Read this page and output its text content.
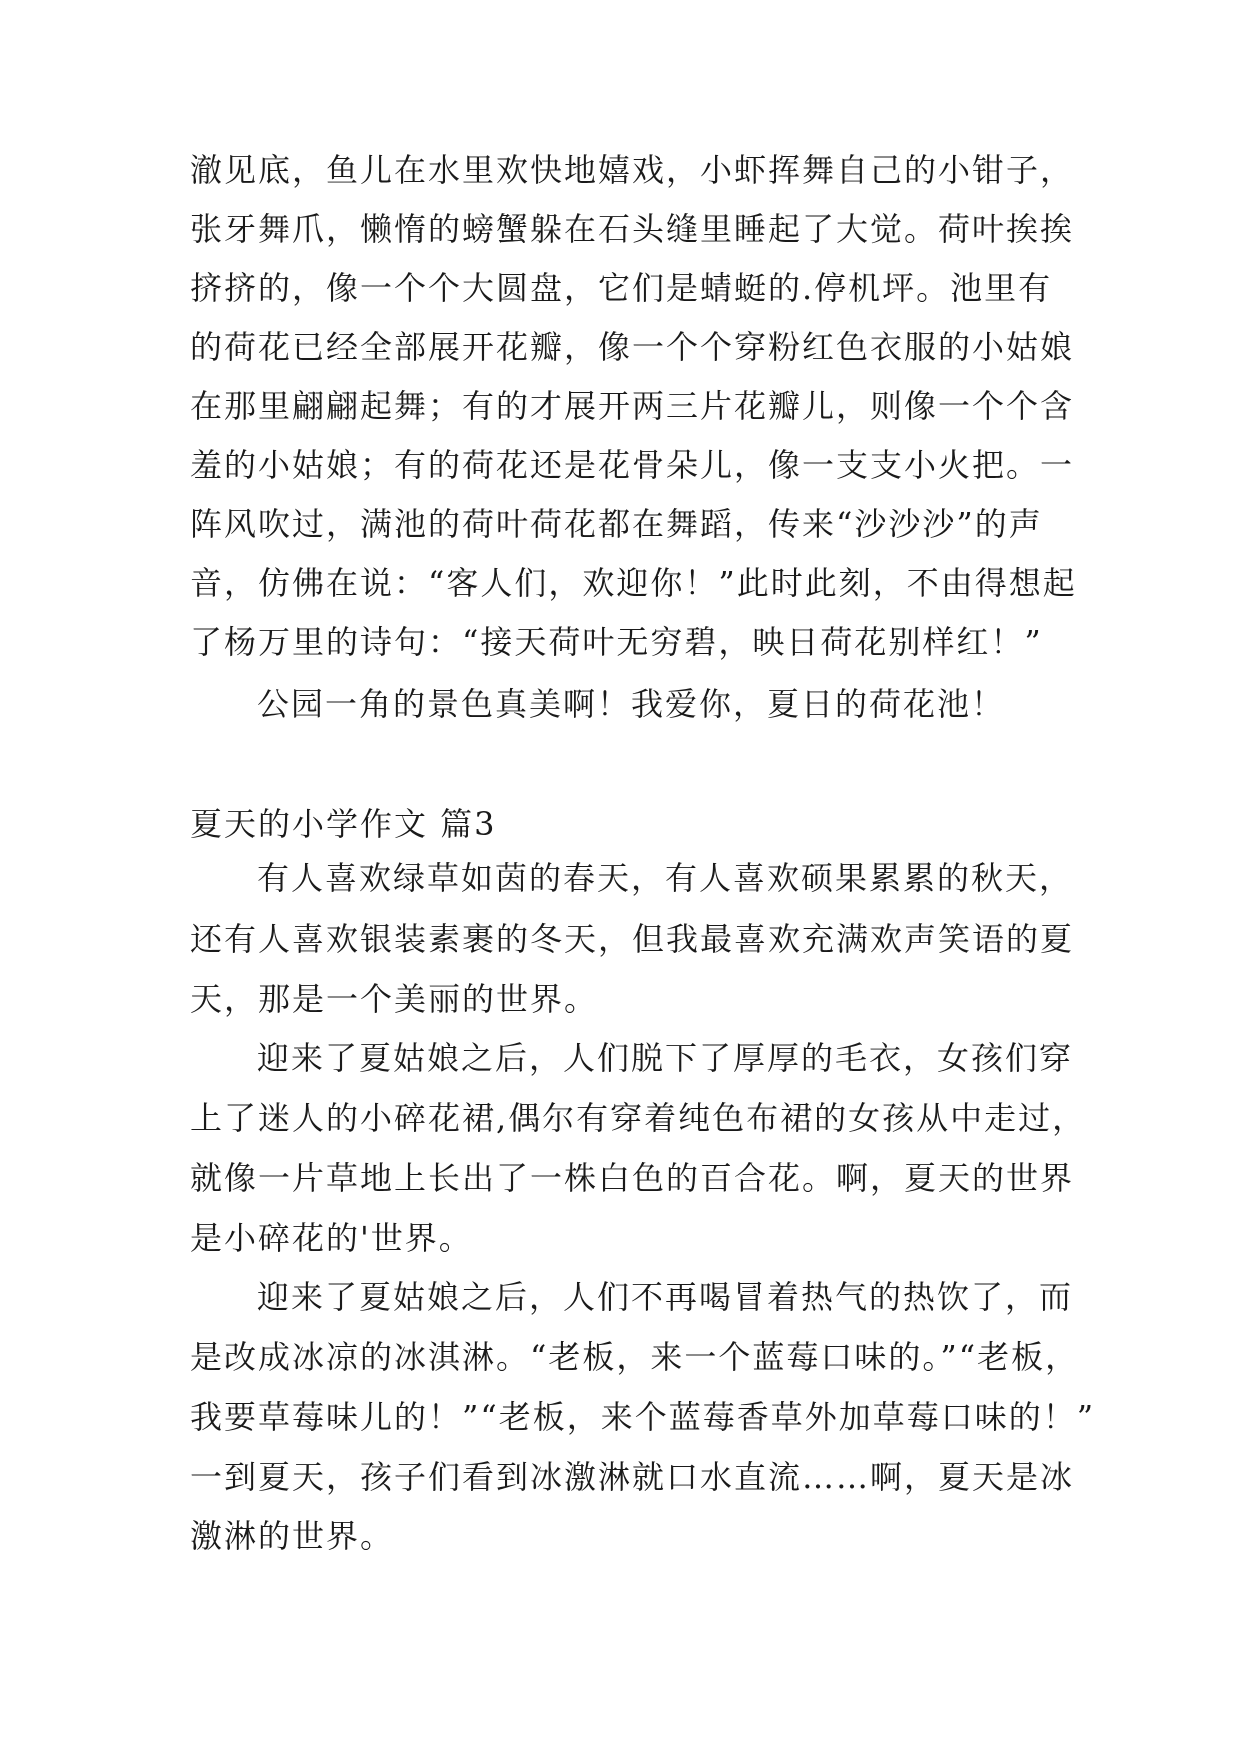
澈见底，鱼儿在水里欢快地嬉戏，小虾挥舞自己的小钳子，
张牙舞爪，懒惰的螃蟹躲在石头缝里睡起了大觉。荷叶挨挨
挤挤的，像一个个大圆盘，它们是蜻蜓的.停机坪。池里有
的荷花已经全部展开花瓣，像一个个穿粉红色衣服的小姑娘
在那里翩翩起舞；有的才展开两三片花瓣儿，则像一个个含
羞的小姑娘；有的荷花还是花骨朵儿，像一支支小火把。一
阵风吹过，满池的荷叶荷花都在舞蹈，传来“沙沙沙”的声
音，仿佛在说：“客人们，欢迎你！”此时此刻，不由得想起
了杨万里的诗句：“接天荷叶无穷碧，映日荷花别样红！”
公园一角的景色真美啊！我爱你，夏日的荷花池！
夏天的小学作文 篇3
有人喜欢绿草如茵的春天，有人喜欢硕果累累的秋天，
还有人喜欢银装素裹的冬天，但我最喜欢充满欢声笑语的夏
天，那是一个美丽的世界。
迎来了夏姑娘之后，人们脱下了厚厚的毛衣，女孩们穿
上了迷人的小碎花裙,偶尔有穿着纯色布裙的女孩从中走过，
就像一片草地上长出了一株白色的百合花。啊，夏天的世界
是小碎花的'世界。
迎来了夏姑娘之后，人们不再喝冒着热气的热饮了，而
是改成冰凉的冰淇淋。“老板，来一个蓝莓口味的。”“老板，
我要草莓味儿的！”“老板，来个蓝莓香草外加草莓口味的！”
一到夏天，孩子们看到冰激淋就口水直流……啊，夏天是冰
激淋的世界。
